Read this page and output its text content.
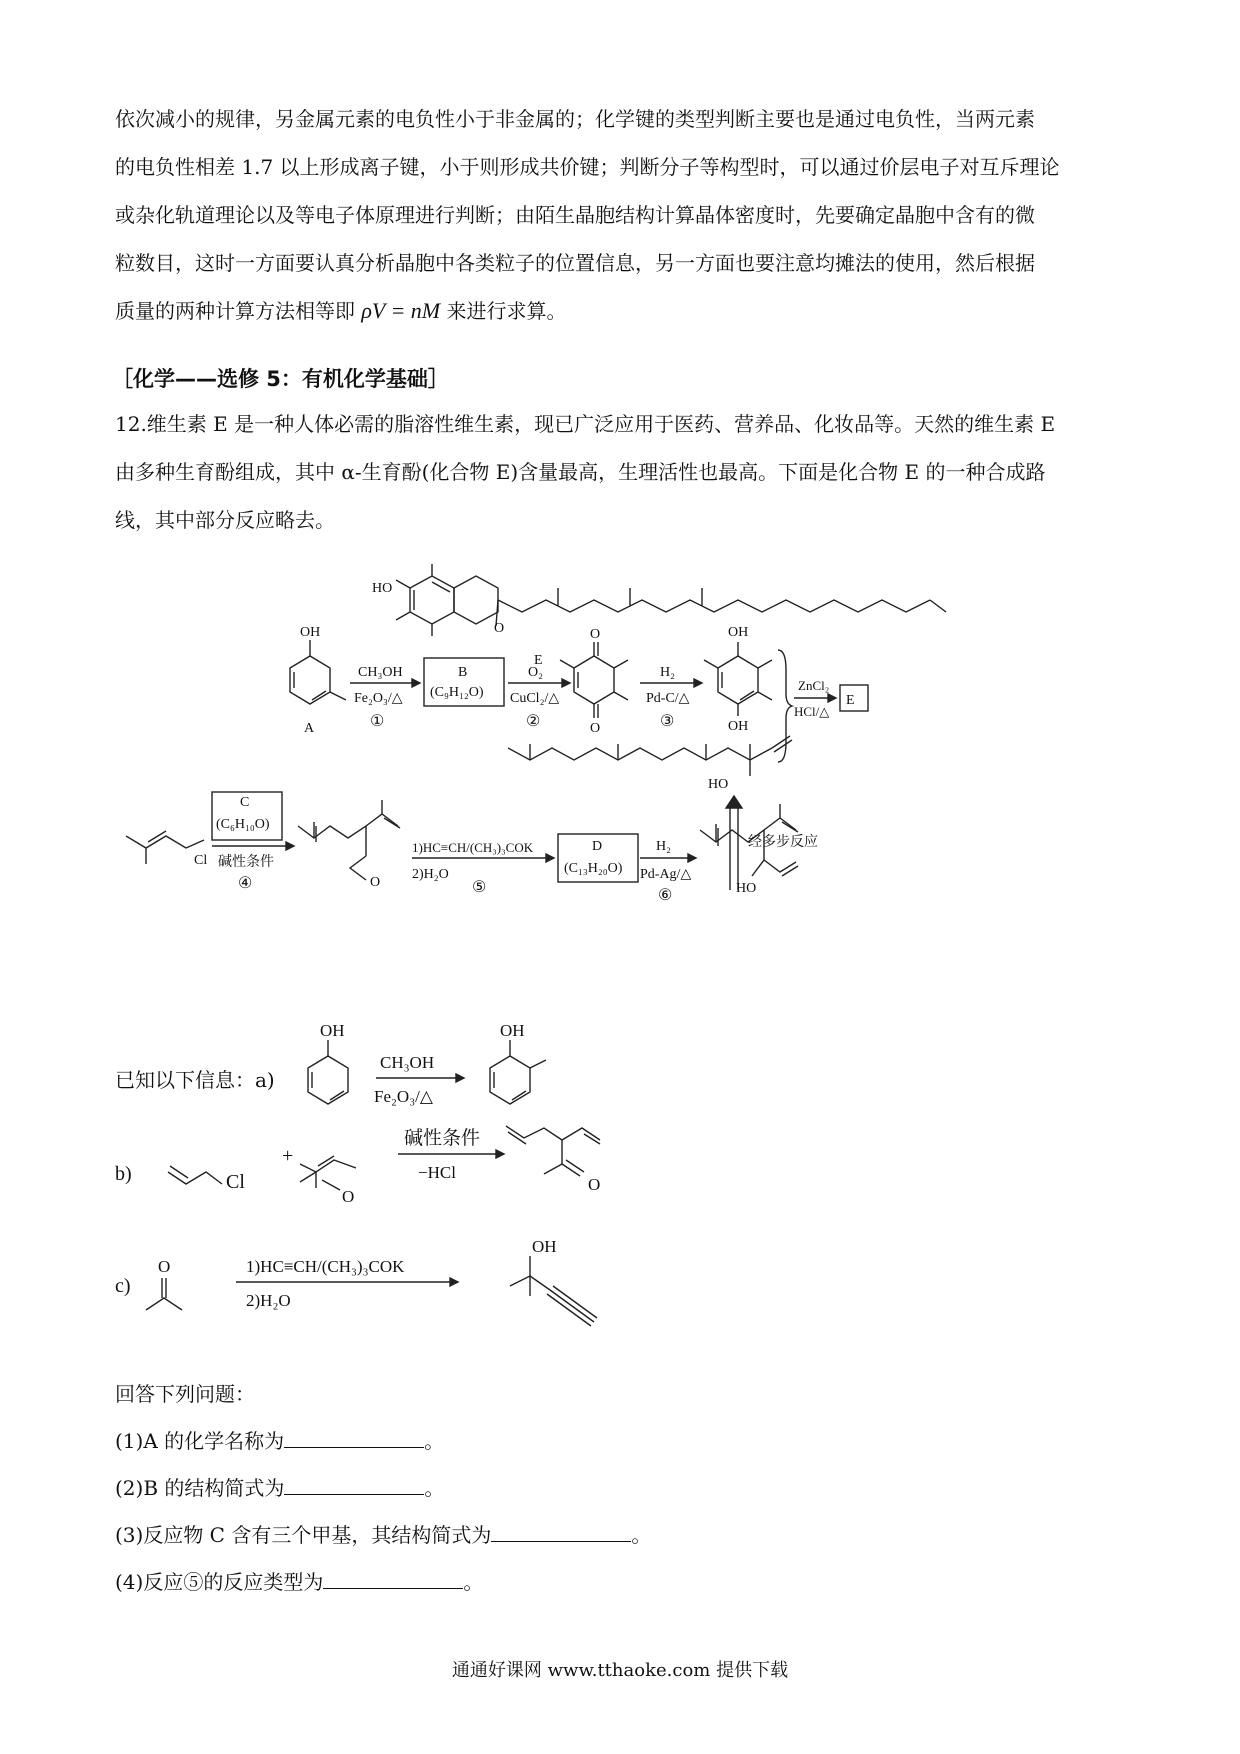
依次减小的规律，另金属元素的电负性小于非金属的；化学键的类型判断主要也是通过电负性，当两元素
的电负性相差 1.7 以上形成离子键，小于则形成共价键；判断分子等构型时，可以通过价层电子对互斥理论
或杂化轨道理论以及等电子体原理进行判断；由陌生晶胞结构计算晶体密度时，先要确定晶胞中含有的微
粒数目，这时一方面要认真分析晶胞中各类粒子的位置信息，另一方面也要注意均摊法的使用，然后根据
质量的两种计算方法相等即 ρV = nM 来进行求算。
［化学——选修 5：有机化学基础］
12.维生素 E 是一种人体必需的脂溶性维生素，现已广泛应用于医药、营养品、化妆品等。天然的维生素 E
由多种生育酚组成，其中 α-生育酚(化合物 E)含量最高，生理活性也最高。下面是化合物 E 的一种合成路
线，其中部分反应略去。
HO
O
E
OH
A
CH₃OH
Fe₂O₃/△
①
B
(C₉H₁₂O)
O₂
CuCl₂/△
②
O
O
H₂
Pd-C/△
③
OH
OH
ZnCl₂
HCl/△
E
HO
经多步反应
Cl
C
(C₆H₁₀O)
碱性条件
④	O
1)HC≡CH/(CH₃)₃COK
2)H₂O
⑤
D
(C₁₃H₂₀O)
H₂
Pd-Ag/△
⑥	HO
已知以下信息：a)
OH
CH₃OH
Fe₂O₃/△
OH
b)	Cl
+
O
碱性条件
−HCl
O
c)
O	1)HC≡CH/(CH₃)₃COK
2)H₂O
OH
回答下列问题：
(1)A 的化学名称为	。
(2)B 的结构简式为	。
(3)反应物 C 含有三个甲基，其结构简式为	。
(4)反应⑤的反应类型为	。
通通好课网 www.tthaoke.com 提供下载
